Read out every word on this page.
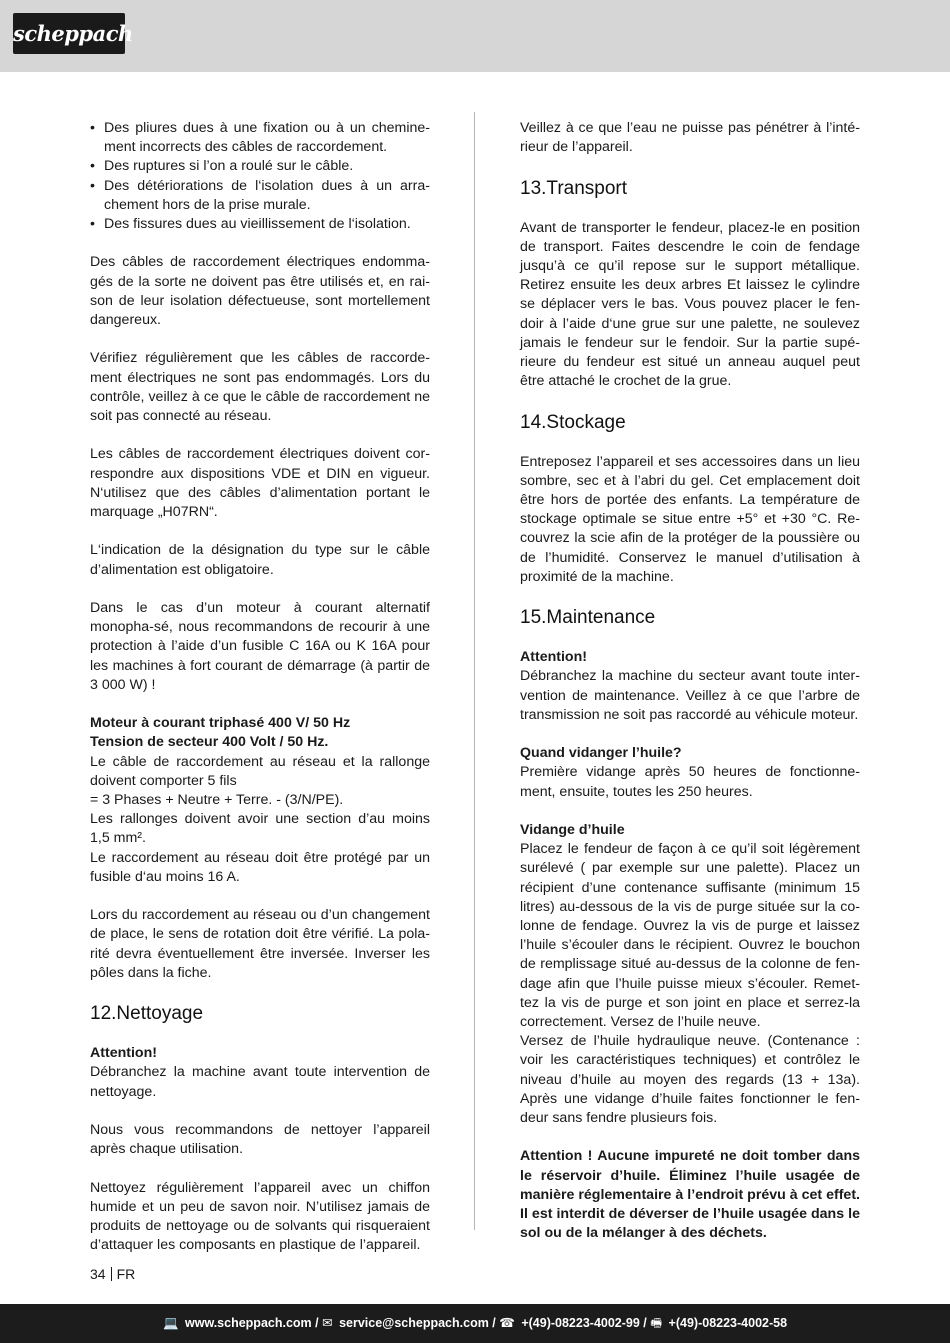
scheppach
• Des pliures dues à une fixation ou à un chemine-ment incorrects des câbles de raccordement.
• Des ruptures si l’on a roulé sur le câble.
• Des détériorations de l‘isolation dues à un arra-chement hors de la prise murale.
• Des fissures dues au vieillissement de l‘isolation.

Des câbles de raccordement électriques endomma-gés de la sorte ne doivent pas être utilisés et, en rai-son de leur isolation défectueuse, sont mortellement dangereux.

Vérifiez régulièrement que les câbles de raccorde-ment électriques ne sont pas endommagés. Lors du contrôle, veillez à ce que le câble de raccordement ne soit pas connecté au réseau.

Les câbles de raccordement électriques doivent cor-respondre aux dispositions VDE et DIN en vigueur. N‘utilisez que des câbles d’alimentation portant le marquage „H07RN“.

L‘indication de la désignation du type sur le câble d’alimentation est obligatoire.

Dans le cas d’un moteur à courant alternatif monopha-sé, nous recommandons de recourir à une protection à l’aide d’un fusible C 16A ou K 16A pour les machines à fort courant de démarrage (à partir de 3 000 W) !

Moteur à courant triphasé 400 V/ 50 Hz
Tension de secteur 400 Volt / 50 Hz.
Le câble de raccordement au réseau et la rallonge doivent comporter 5 fils
= 3 Phases + Neutre + Terre. - (3/N/PE).
Les rallonges doivent avoir une section d’au moins 1,5 mm².
Le raccordement au réseau doit être protégé par un fusible d‘au moins 16 A.

Lors du raccordement au réseau ou d’un changement de place, le sens de rotation doit être vérifié. La pola-rité devra éventuellement être inversée. Inverser les pôles dans la fiche.

12.Nettoyage

Attention!
Débranchez la machine avant toute intervention de nettoyage.

Nous vous recommandons de nettoyer l’appareil après chaque utilisation.

Nettoyez régulièrement l’appareil avec un chiffon humide et un peu de savon noir. N’utilisez jamais de produits de nettoyage ou de solvants qui risqueraient d’attaquer les composants en plastique de l’appareil.

Veillez à ce que l’eau ne puisse pas pénétrer à l’inté-rieur de l’appareil.

13.Transport

Avant de transporter le fendeur, placez-le en position de transport. Faites descendre le coin de fendage jusqu’à ce qu’il repose sur le support métallique. Retirez ensuite les deux arbres Et laissez le cylindre se déplacer vers le bas. Vous pouvez placer le fen-doir à l’aide d‘une grue sur une palette, ne soulevez jamais le fendeur sur le fendoir. Sur la partie supé-rieure du fendeur est situé un anneau auquel peut être attaché le crochet de la grue.

14.Stockage

Entreposez l’appareil et ses accessoires dans un lieu sombre, sec et à l’abri du gel. Cet emplacement doit être hors de portée des enfants. La température de stockage optimale se situe entre +5° et +30 °C. Re-couvrez la scie afin de la protéger de la poussière ou de l’humidité. Conservez le manuel d’utilisation à proximité de la machine.

15.Maintenance

Attention!
Débranchez la machine du secteur avant toute inter-vention de maintenance. Veillez à ce que l’arbre de transmission ne soit pas raccordé au véhicule moteur.

Quand vidanger l’huile?
Première vidange après 50 heures de fonctionne-ment, ensuite, toutes les 250 heures.

Vidange d’huile
Placez le fendeur de façon à ce qu’il soit légèrement surélevé ( par exemple sur une palette). Placez un récipient d’une contenance suffisante (minimum 15 litres) au-dessous de la vis de purge située sur la co-lonne de fendage. Ouvrez la vis de purge et laissez l’huile s’écouler dans le récipient. Ouvrez le bouchon de remplissage situé au-dessus de la colonne de fen-dage afin que l’huile puisse mieux s’écouler. Remet-tez la vis de purge et son joint en place et serrez-la correctement. Versez de l’huile neuve.
Versez de l’huile hydraulique neuve. (Contenance : voir les caractéristiques techniques) et contrôlez le niveau d’huile au moyen des regards (13 + 13a). Après une vidange d’huile faites fonctionner le fen-deur sans fendre plusieurs fois.

Attention ! Aucune impureté ne doit tomber dans le réservoir d’huile. Éliminez l’huile usagée de manière réglementaire à l’endroit prévu à cet effet. Il est interdit de déverser de l’huile usagée dans le sol ou de la mélanger à des déchets.

34 FR
💻 www.scheppach.com / ✉ service@scheppach.com / ☎ +(49)-08223-4002-99 / 🖷 +(49)-08223-4002-58
